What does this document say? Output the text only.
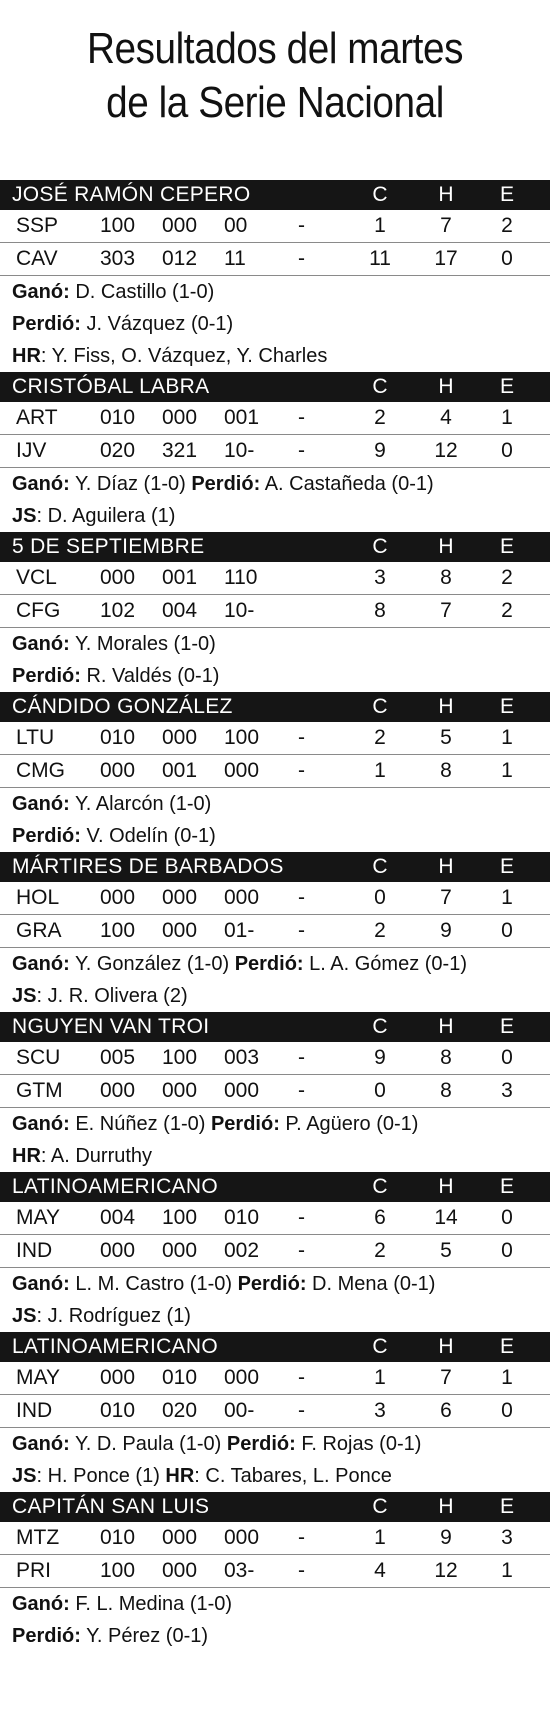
Resultados del martes
de la Serie Nacional
JOSÉ RAMÓN CEPERO	C	H	E
SSP 100 000 00 -	1	7	2
CAV 303 012 11 -	11	17	0
Ganó: D. Castillo (1-0)
Perdió: J. Vázquez (0-1)
HR: Y. Fiss, O. Vázquez, Y. Charles
CRISTÓBAL LABRA	C	H	E
ART 010 000 001 -	2	4	1
IJV	020 321 10- -	9	12	0
Ganó: Y. Díaz (1-0) Perdió: A. Castañeda (0-1)
JS: D. Aguilera (1)
5 DE SEPTIEMBRE	C	H	E
VCL 000 001 110	3	8	2
CFG 102 004 10-	8	7	2
Ganó: Y. Morales (1-0)
Perdió: R. Valdés (0-1)
CÁNDIDO GONZÁLEZ	C	H	E
LTU 010 000 100 -	2	5	1
CMG 000 001 000 -	1	8	1
Ganó: Y. Alarcón (1-0)
Perdió: V. Odelín (0-1)
MÁRTIRES DE BARBADOS	C	H	E
HOL 000 000 000 -	0	7	1
GRA 100 000 01- -	2	9	0
Ganó: Y. González (1-0) Perdió: L. A. Gómez (0-1)
JS: J. R. Olivera (2)
NGUYEN VAN TROI	C	H	E
SCU 005 100 003 -	9	8	0
GTM 000 000 000 -	0	8	3
Ganó: E. Núñez (1-0) Perdió: P. Agüero (0-1)
HR: A. Durruthy
LATINOAMERICANO	C	H	E
MAY 004 100 010 -	6	14	0
IND 000 000 002 -	2	5	0
Ganó: L. M. Castro (1-0) Perdió: D. Mena (0-1)
JS: J. Rodríguez (1)
LATINOAMERICANO	C	H	E
MAY 000 010 000 -	1	7	1
IND 010 020 00- -	3	6	0
Ganó: Y. D. Paula (1-0) Perdió: F. Rojas (0-1)
JS: H. Ponce (1) HR: C. Tabares, L. Ponce
CAPITÁN SAN LUIS	C	H	E
MTZ 010 000 000 -	1	9	3
PRI 100 000 03- -	4	12	1
Ganó: F. L. Medina (1-0)
Perdió: Y. Pérez (0-1)
